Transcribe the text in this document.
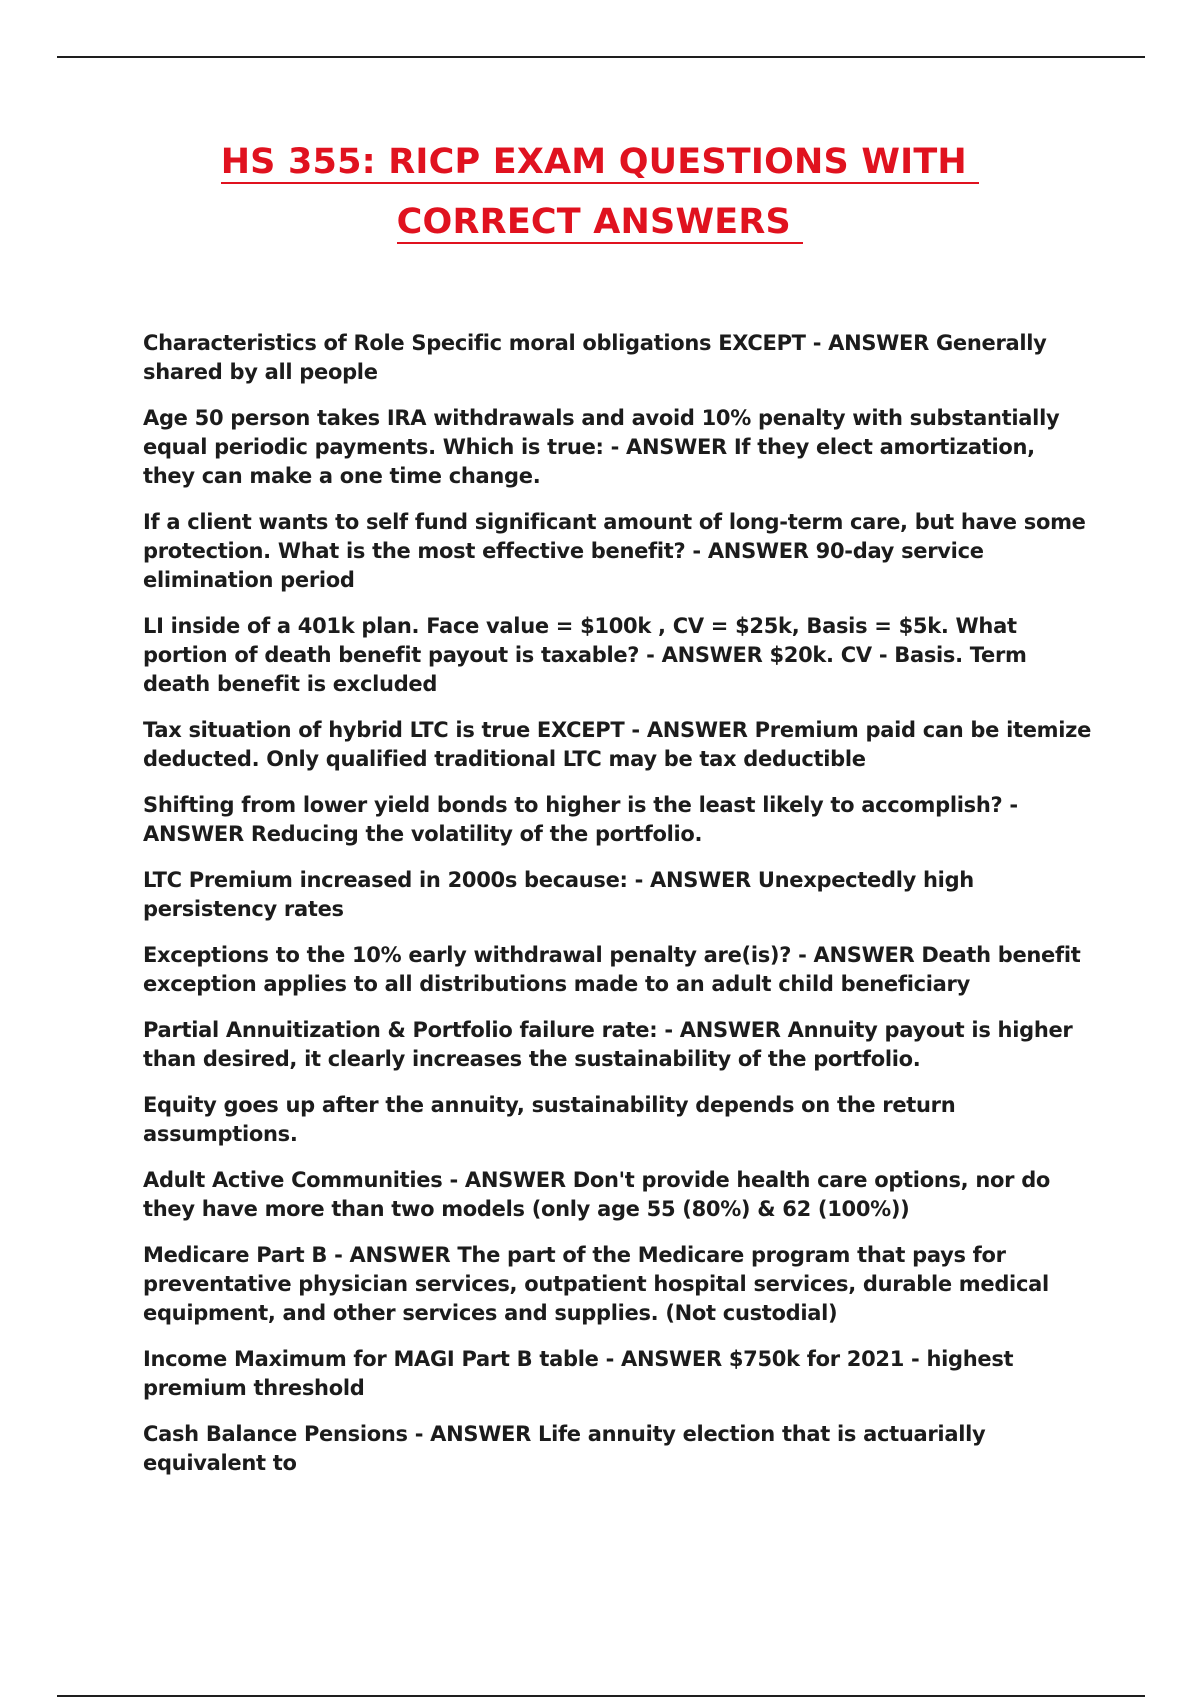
HS 355: RICP EXAM QUESTIONS WITH
CORRECT ANSWERS

Characteristics of Role Specific moral obligations EXCEPT - ANSWER Generally shared by all people

Age 50 person takes IRA withdrawals and avoid 10% penalty with substantially equal periodic payments. Which is true: - ANSWER If they elect amortization, they can make a one time change.

If a client wants to self fund significant amount of long-term care, but have some protection. What is the most effective benefit? - ANSWER 90-day service elimination period

LI inside of a 401k plan. Face value = $100k , CV = $25k, Basis = $5k. What portion of death benefit payout is taxable? - ANSWER $20k. CV - Basis. Term death benefit is excluded

Tax situation of hybrid LTC is true EXCEPT - ANSWER Premium paid can be itemize deducted. Only qualified traditional LTC may be tax deductible

Shifting from lower yield bonds to higher is the least likely to accomplish? - ANSWER Reducing the volatility of the portfolio.

LTC Premium increased in 2000s because: - ANSWER Unexpectedly high persistency rates

Exceptions to the 10% early withdrawal penalty are(is)? - ANSWER Death benefit exception applies to all distributions made to an adult child beneficiary

Partial Annuitization & Portfolio failure rate: - ANSWER Annuity payout is higher than desired, it clearly increases the sustainability of the portfolio.

Equity goes up after the annuity, sustainability depends on the return assumptions.

Adult Active Communities - ANSWER Don't provide health care options, nor do they have more than two models (only age 55 (80%) & 62 (100%))

Medicare Part B - ANSWER The part of the Medicare program that pays for preventative physician services, outpatient hospital services, durable medical equipment, and other services and supplies. (Not custodial)

Income Maximum for MAGI Part B table - ANSWER $750k for 2021 - highest premium threshold

Cash Balance Pensions - ANSWER Life annuity election that is actuarially equivalent to
